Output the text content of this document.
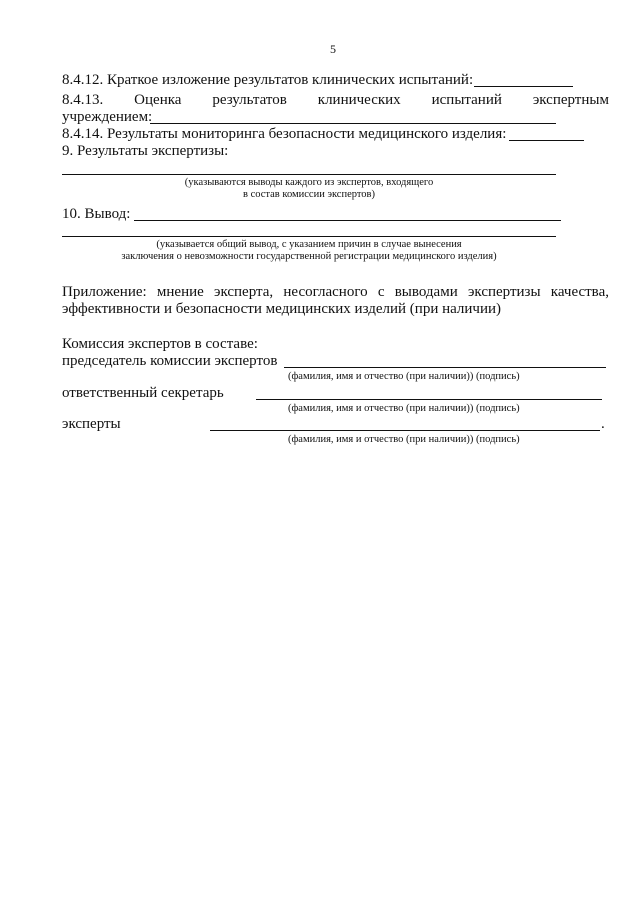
5
8.4.12. Краткое изложение результатов клинических испытаний:
8.4.13. Оценка результатов клинических испытаний экспертным
учреждением:
8.4.14. Результаты мониторинга безопасности медицинского изделия:
9. Результаты экспертизы:
(указываются выводы каждого из экспертов, входящего
в состав комиссии экспертов)
10. Вывод:
(указывается общий вывод, с указанием причин в случае вынесения
заключения о невозможности государственной регистрации медицинского изделия)
Приложение: мнение эксперта, несогласного с выводами экспертизы качества,
эффективности и безопасности медицинских изделий (при наличии)
Комиссия экспертов в составе:
председатель комиссии экспертов
(фамилия, имя и отчество (при наличии)) (подпись)
ответственный секретарь
(фамилия, имя и отчество (при наличии)) (подпись)
эксперты	.
(фамилия, имя и отчество (при наличии)) (подпись)
